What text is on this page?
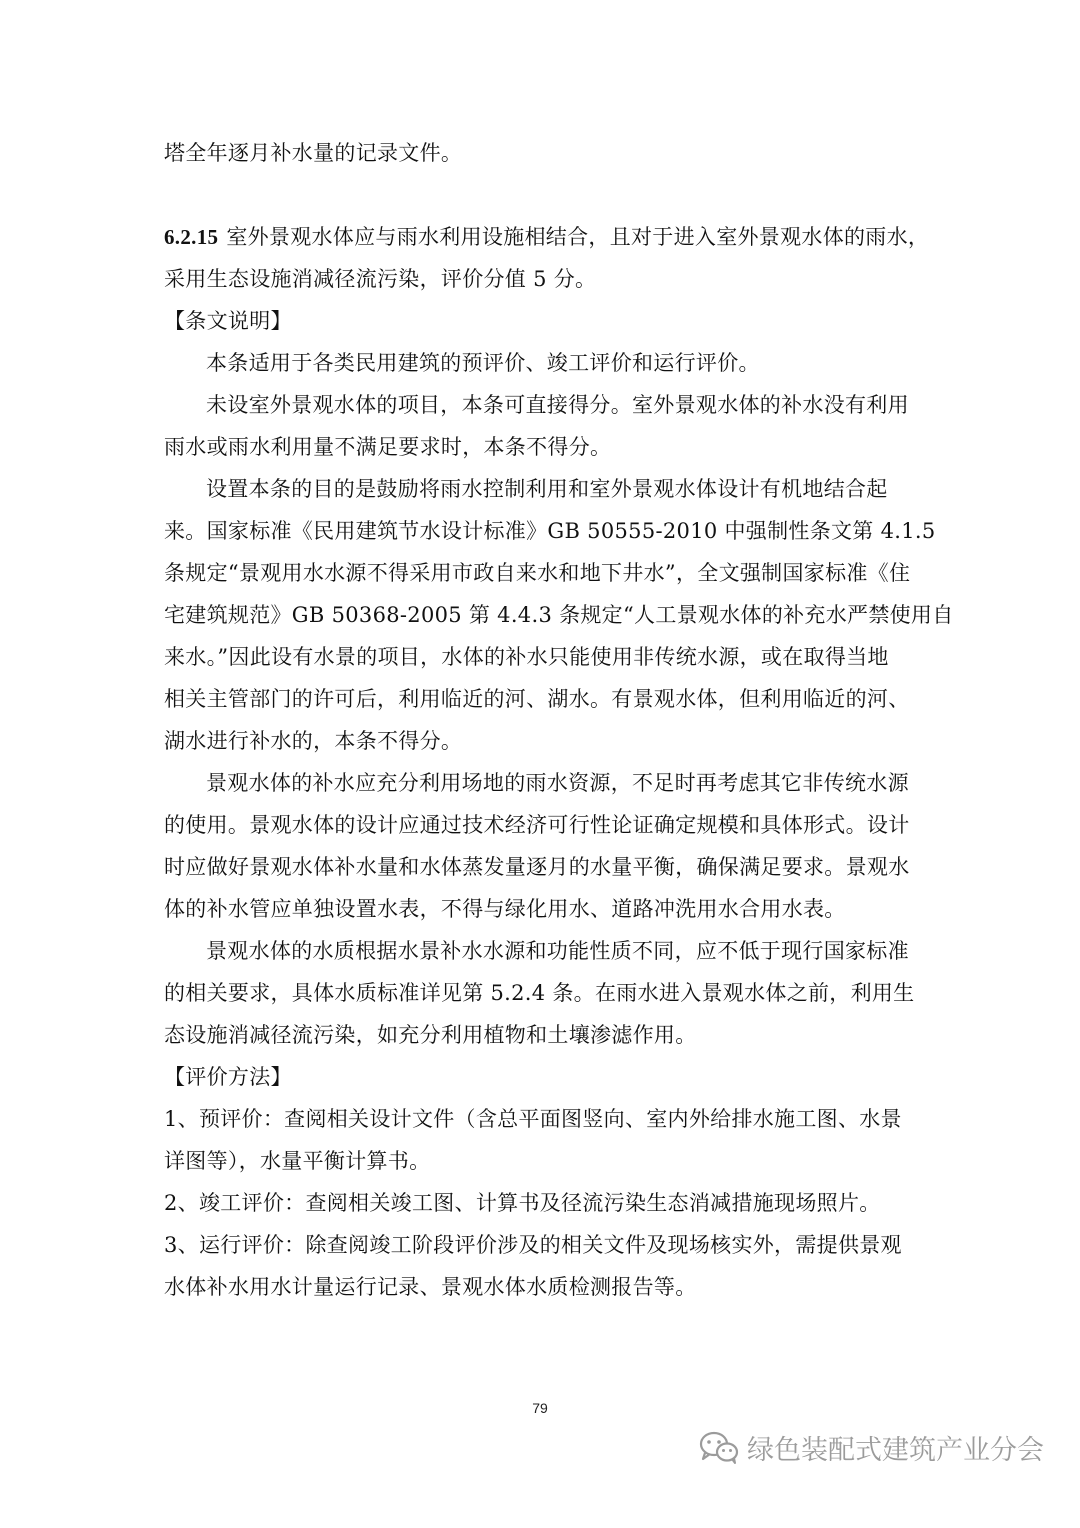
塔全年逐月补水量的记录文件。
6.2.15 室外景观水体应与雨水利用设施相结合，且对于进入室外景观水体的雨水，
采用生态设施消减径流污染，评价分值 5 分。
【条文说明】
本条适用于各类民用建筑的预评价、竣工评价和运行评价。
未设室外景观水体的项目，本条可直接得分。室外景观水体的补水没有利用
雨水或雨水利用量不满足要求时，本条不得分。
设置本条的目的是鼓励将雨水控制利用和室外景观水体设计有机地结合起
来。国家标准《民用建筑节水设计标准》GB 50555-2010 中强制性条文第 4.1.5
条规定“景观用水水源不得采用市政自来水和地下井水”，全文强制国家标准《住
宅建筑规范》GB 50368-2005 第 4.4.3 条规定“人工景观水体的补充水严禁使用自
来水。”因此设有水景的项目，水体的补水只能使用非传统水源，或在取得当地
相关主管部门的许可后，利用临近的河、湖水。有景观水体，但利用临近的河、
湖水进行补水的，本条不得分。
景观水体的补水应充分利用场地的雨水资源，不足时再考虑其它非传统水源
的使用。景观水体的设计应通过技术经济可行性论证确定规模和具体形式。设计
时应做好景观水体补水量和水体蒸发量逐月的水量平衡，确保满足要求。景观水
体的补水管应单独设置水表，不得与绿化用水、道路冲洗用水合用水表。
景观水体的水质根据水景补水水源和功能性质不同，应不低于现行国家标准
的相关要求，具体水质标准详见第 5.2.4 条。在雨水进入景观水体之前，利用生
态设施消减径流污染，如充分利用植物和土壤渗滤作用。
【评价方法】
1、预评价：查阅相关设计文件（含总平面图竖向、室内外给排水施工图、水景
详图等），水量平衡计算书。
2、竣工评价：查阅相关竣工图、计算书及径流污染生态消减措施现场照片。
3、运行评价：除查阅竣工阶段评价涉及的相关文件及现场核实外，需提供景观
水体补水用水计量运行记录、景观水体水质检测报告等。
79
绿色装配式建筑产业分会
